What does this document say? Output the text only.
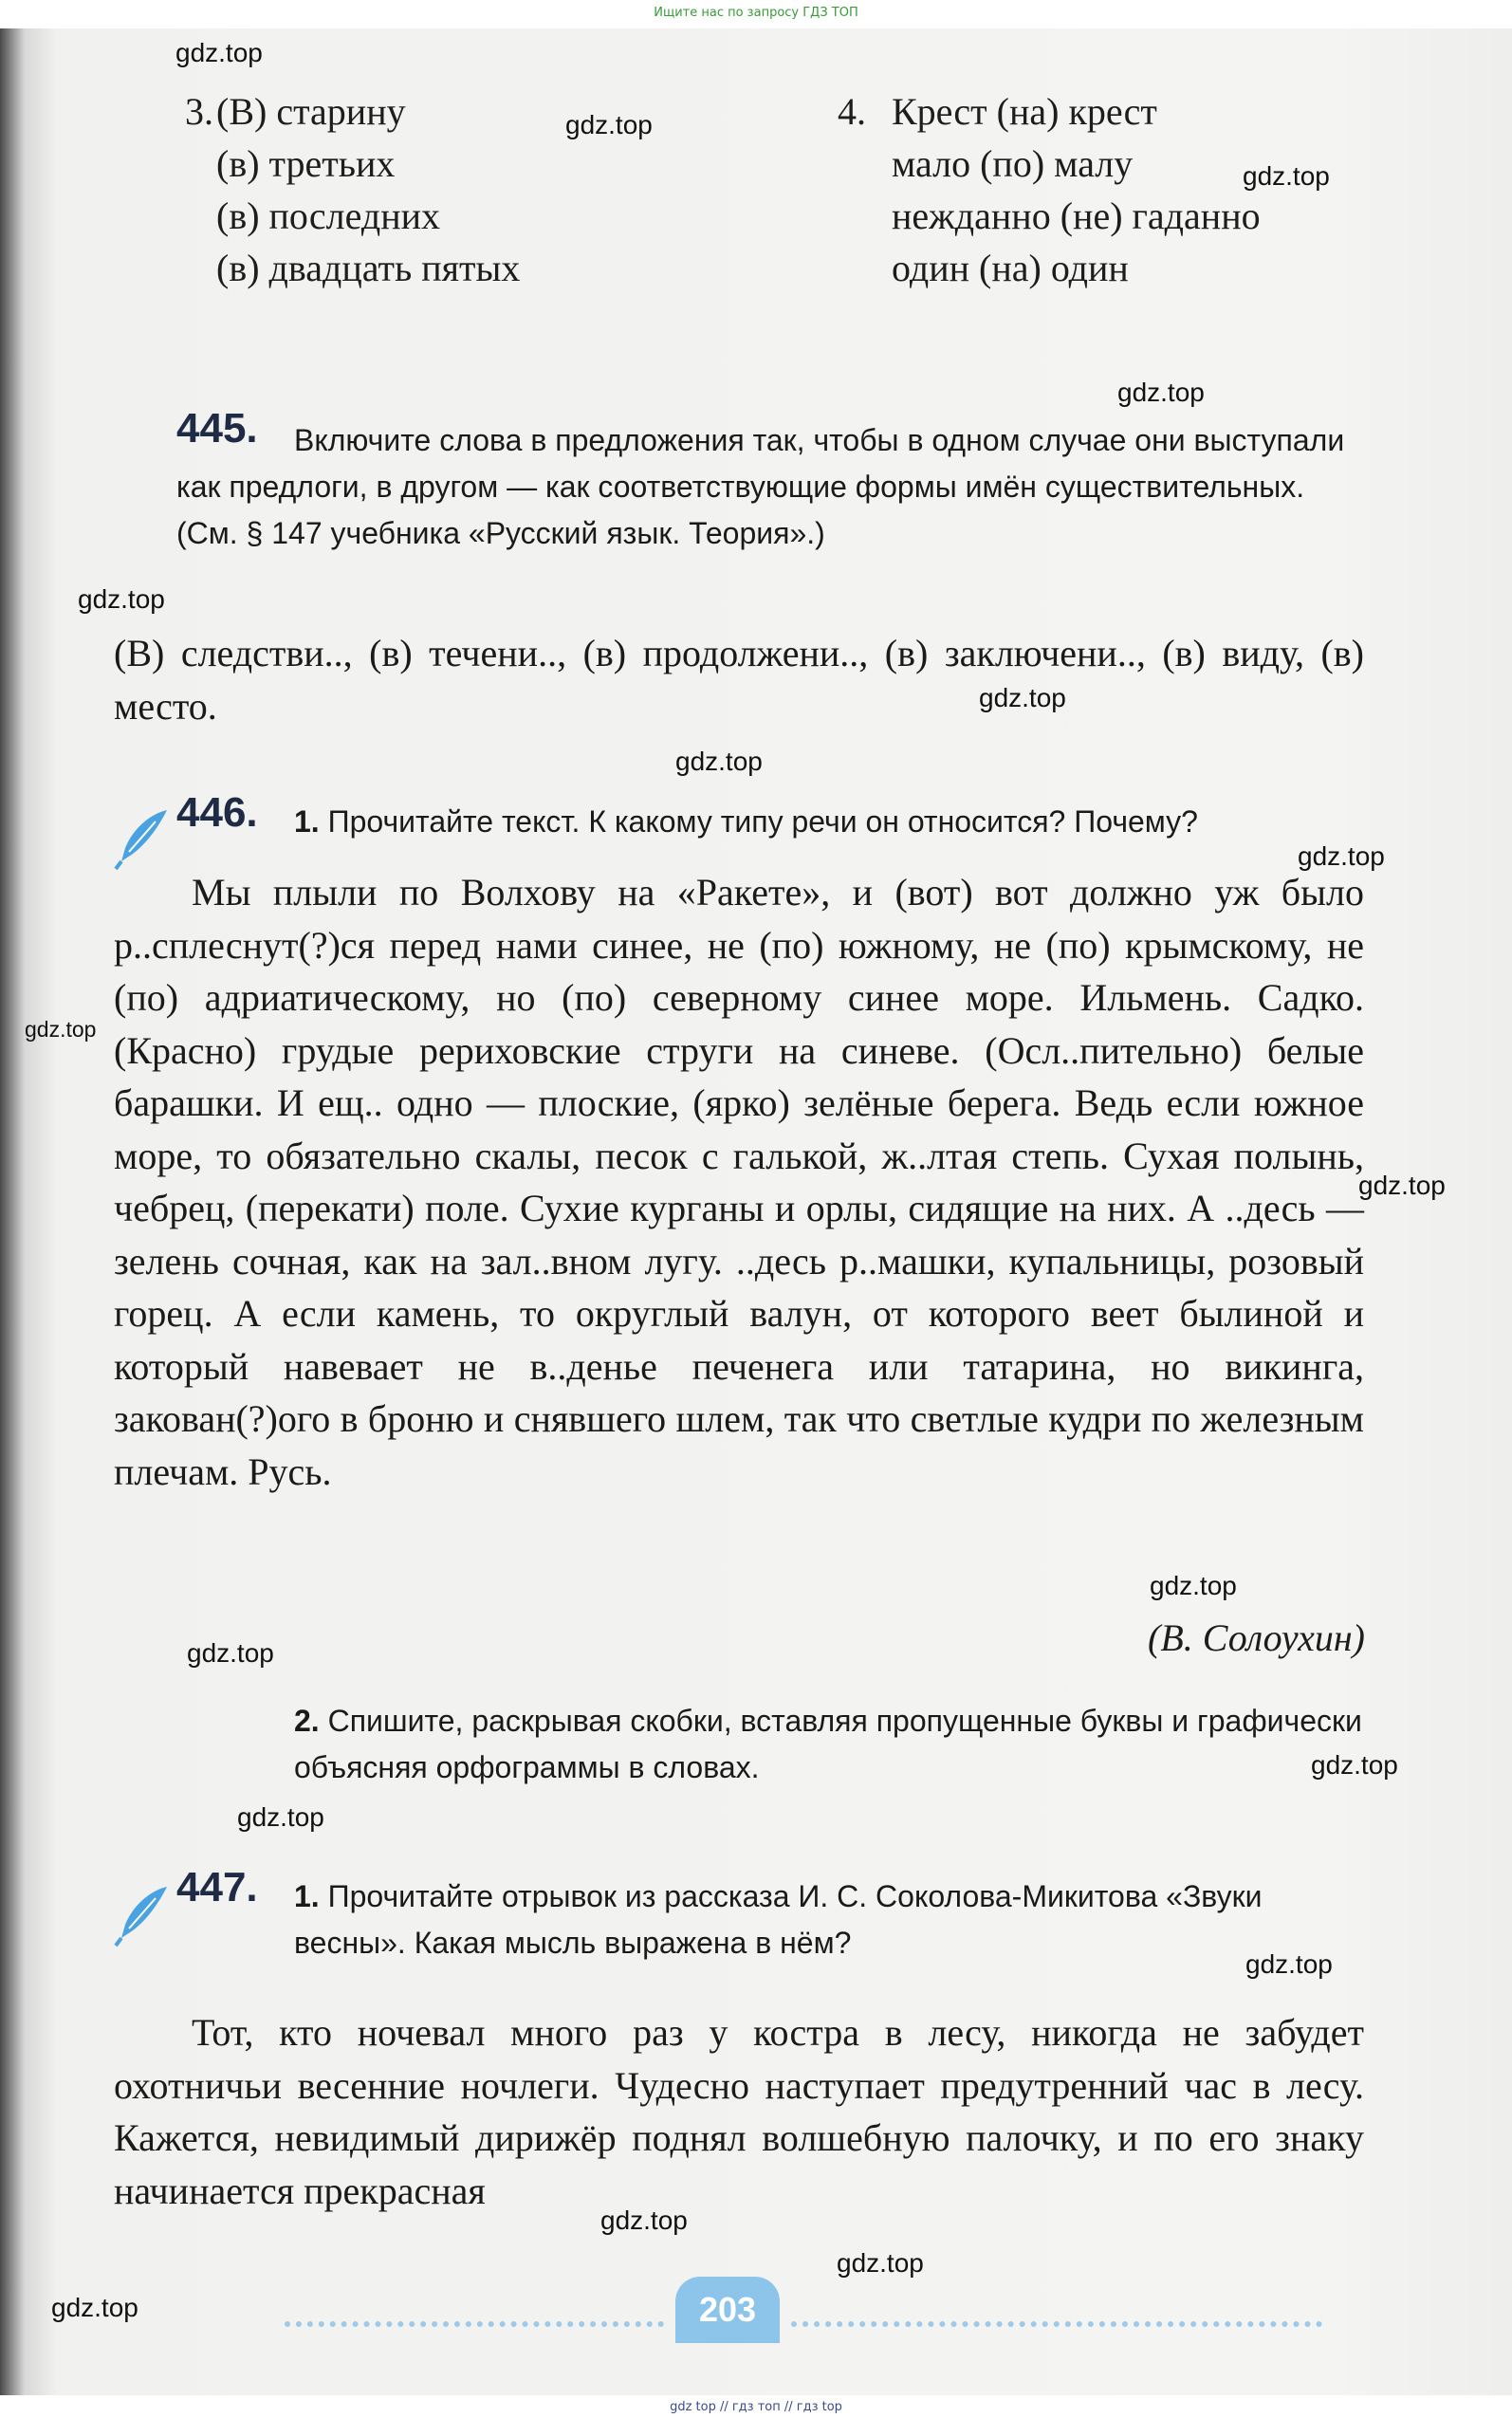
Ищите нас по запросу ГДЗ ТОП
3. (В) старину
(в) третьих
(в) последних
(в) двадцать пятых
4. Крест (на) крест
мало (по) малу
нежданно (не) гаданно
один (на) один
445.	Включите слова в предложения так, чтобы в одном случае они выступали как предлоги, в другом — как соответствующие формы имён существительных. (См. § 147 учебника «Русский язык. Теория».)
(В) следстви.., (в) течени.., (в) продолжени.., (в) заключени.., (в) виду, (в) место.
446. 1. Прочитайте текст. К какому типу речи он относится? Почему?
Мы плыли по Волхову на «Ракете», и (вот) вот должно уж было р..сплеснут(?)ся перед нами синее, не (по) южному, не (по) крымскому, не (по) адриатическому, но (по) северному синее море. Ильмень. Садко. (Красно) грудые рериховские струги на синеве. (Осл..пительно) белые барашки. И ещ.. одно — плоские, (ярко) зелёные берега. Ведь если южное море, то обязательно скалы, песок с галькой, ж..лтая степь. Сухая полынь, чебрец, (перекати) поле. Сухие курганы и орлы, сидящие на них. А ..десь — зелень сочная, как на зал..вном лугу. ..десь р..машки, купальницы, розовый горец. А если камень, то округлый валун, от которого веет былиной и который навевает не в..денье печенега или татарина, но викинга, закован(?)ого в броню и снявшего шлем, так что светлые кудри по железным плечам. Русь.
(В. Солоухин)
2. Спишите, раскрывая скобки, вставляя пропущенные буквы и графически объясняя орфограммы в словах.
447. 1. Прочитайте отрывок из рассказа И. С. Соколова-Микитова «Звуки весны». Какая мысль выражена в нём?
Тот, кто ночевал много раз у костра в лесу, никогда не забудет охотничьи весенние ночлеги. Чудесно наступает предутренний час в лесу. Кажется, невидимый дирижёр поднял волшебную палочку, и по его знаку начинается прекрасная
203
gdz.top
gdz.top
gdz.top
gdz.top
gdz.top
gdz.top
gdz.top
gdz.top
gdz.top
gdz.top
gdz.top
gdz.top
gdz.top
gdz.top
gdz.top
gdz.top
gdz.top
gdz.top
gdz top // гдз топ // гдз top
